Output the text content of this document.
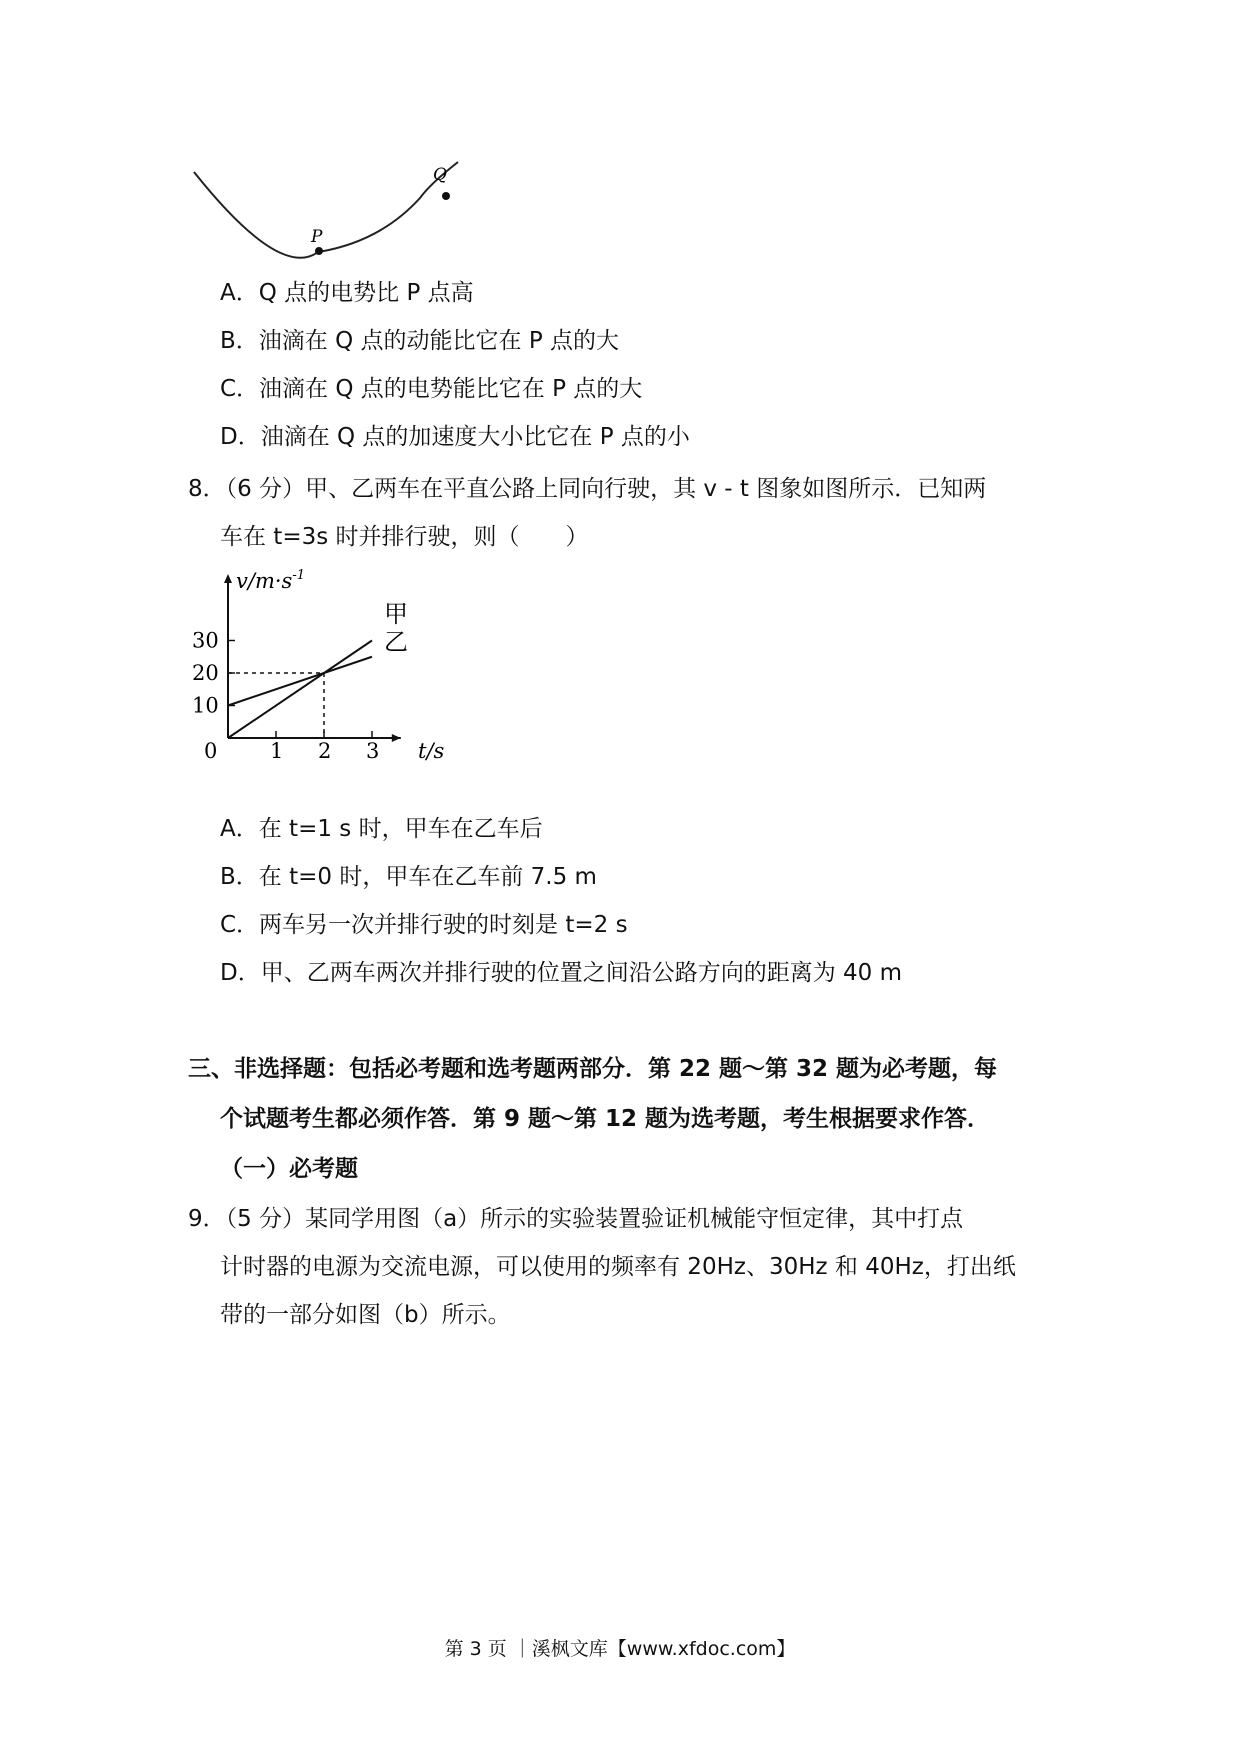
P
Q
A．Q 点的电势比 P 点高
B．油滴在 Q 点的动能比它在 P 点的大
C．油滴在 Q 点的电势能比它在 P 点的大
D．油滴在 Q 点的加速度大小比它在 P 点的小
8．（6 分）甲、乙两车在平直公路上同向行驶，其 v - t 图象如图所示．已知两
车在 t=3s 时并排行驶，则（　　）
$v/m\cdot s^{-1}$
t/s
0
甲
乙
1 2 3
10
20
30
A．在 t=1 s 时，甲车在乙车后
B．在 t=0 时，甲车在乙车前 7.5 m
C．两车另一次并排行驶的时刻是 t=2 s
D．甲、乙两车两次并排行驶的位置之间沿公路方向的距离为 40 m
三、非选择题：包括必考题和选考题两部分．第 22 题～第 32 题为必考题，每
个试题考生都必须作答．第 9 题～第 12 题为选考题，考生根据要求作答．
（一）必考题
9．（5 分）某同学用图（a）所示的实验装置验证机械能守恒定律，其中打点
计时器的电源为交流电源，可以使用的频率有 20Hz、30Hz 和 40Hz，打出纸
带的一部分如图（b）所示。
第 3 页 ｜溪枫文库【www.xfdoc.com】
